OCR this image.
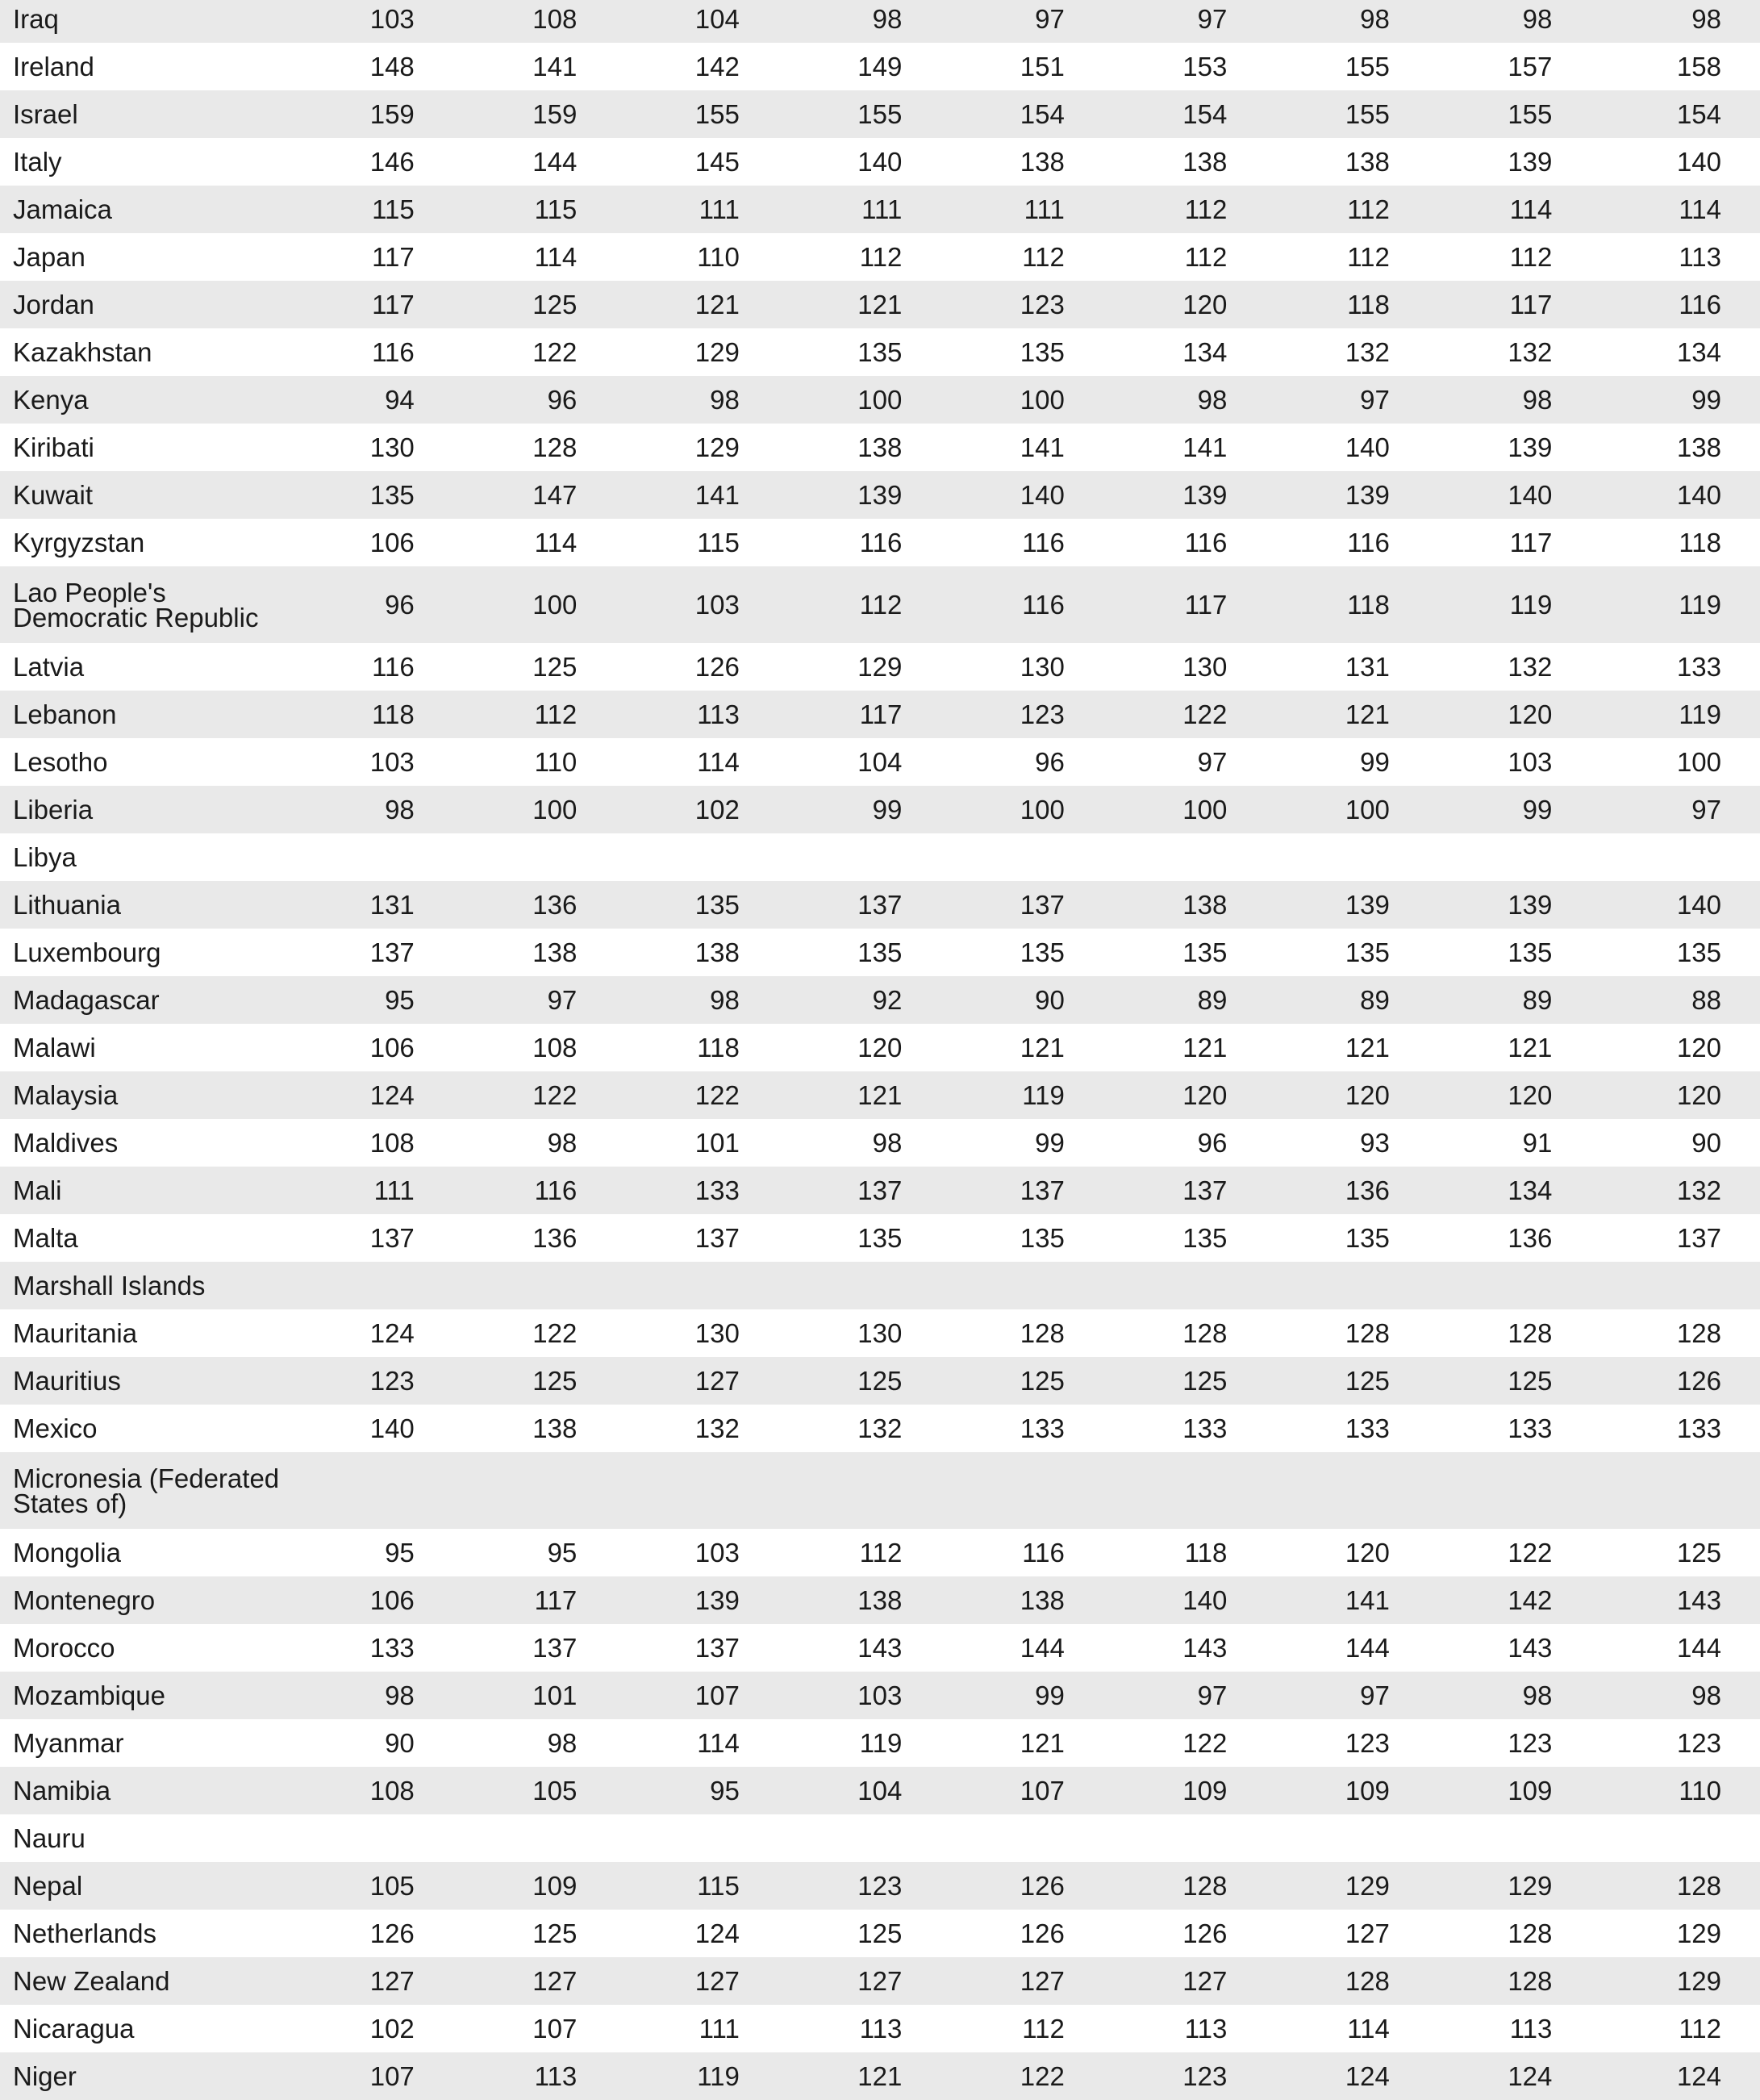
Iraq	103	108	104	98	97	97	98	98	98
Ireland	148	141	142	149	151	153	155	157	158
Israel	159	159	155	155	154	154	155	155	154
Italy	146	144	145	140	138	138	138	139	140
Jamaica	115	115	111	111	111	112	112	114	114
Japan	117	114	110	112	112	112	112	112	113
Jordan	117	125	121	121	123	120	118	117	116
Kazakhstan	116	122	129	135	135	134	132	132	134
Kenya	94	96	98	100	100	98	97	98	99
Kiribati	130	128	129	138	141	141	140	139	138
Kuwait	135	147	141	139	140	139	139	140	140
Kyrgyzstan	106	114	115	116	116	116	116	117	118
Lao People's Democratic Republic	96	100	103	112	116	117	118	119	119
Latvia	116	125	126	129	130	130	131	132	133
Lebanon	118	112	113	117	123	122	121	120	119
Lesotho	103	110	114	104	96	97	99	103	100
Liberia	98	100	102	99	100	100	100	99	97
Libya									
Lithuania	131	136	135	137	137	138	139	139	140
Luxembourg	137	138	138	135	135	135	135	135	135
Madagascar	95	97	98	92	90	89	89	89	88
Malawi	106	108	118	120	121	121	121	121	120
Malaysia	124	122	122	121	119	120	120	120	120
Maldives	108	98	101	98	99	96	93	91	90
Mali	111	116	133	137	137	137	136	134	132
Malta	137	136	137	135	135	135	135	136	137
Marshall Islands									
Mauritania	124	122	130	130	128	128	128	128	128
Mauritius	123	125	127	125	125	125	125	125	126
Mexico	140	138	132	132	133	133	133	133	133
Micronesia (Federated States of)									
Mongolia	95	95	103	112	116	118	120	122	125
Montenegro	106	117	139	138	138	140	141	142	143
Morocco	133	137	137	143	144	143	144	143	144
Mozambique	98	101	107	103	99	97	97	98	98
Myanmar	90	98	114	119	121	122	123	123	123
Namibia	108	105	95	104	107	109	109	109	110
Nauru									
Nepal	105	109	115	123	126	128	129	129	128
Netherlands	126	125	124	125	126	126	127	128	129
New Zealand	127	127	127	127	127	127	128	128	129
Nicaragua	102	107	111	113	112	113	114	113	112
Niger	107	113	119	121	122	123	124	124	124
